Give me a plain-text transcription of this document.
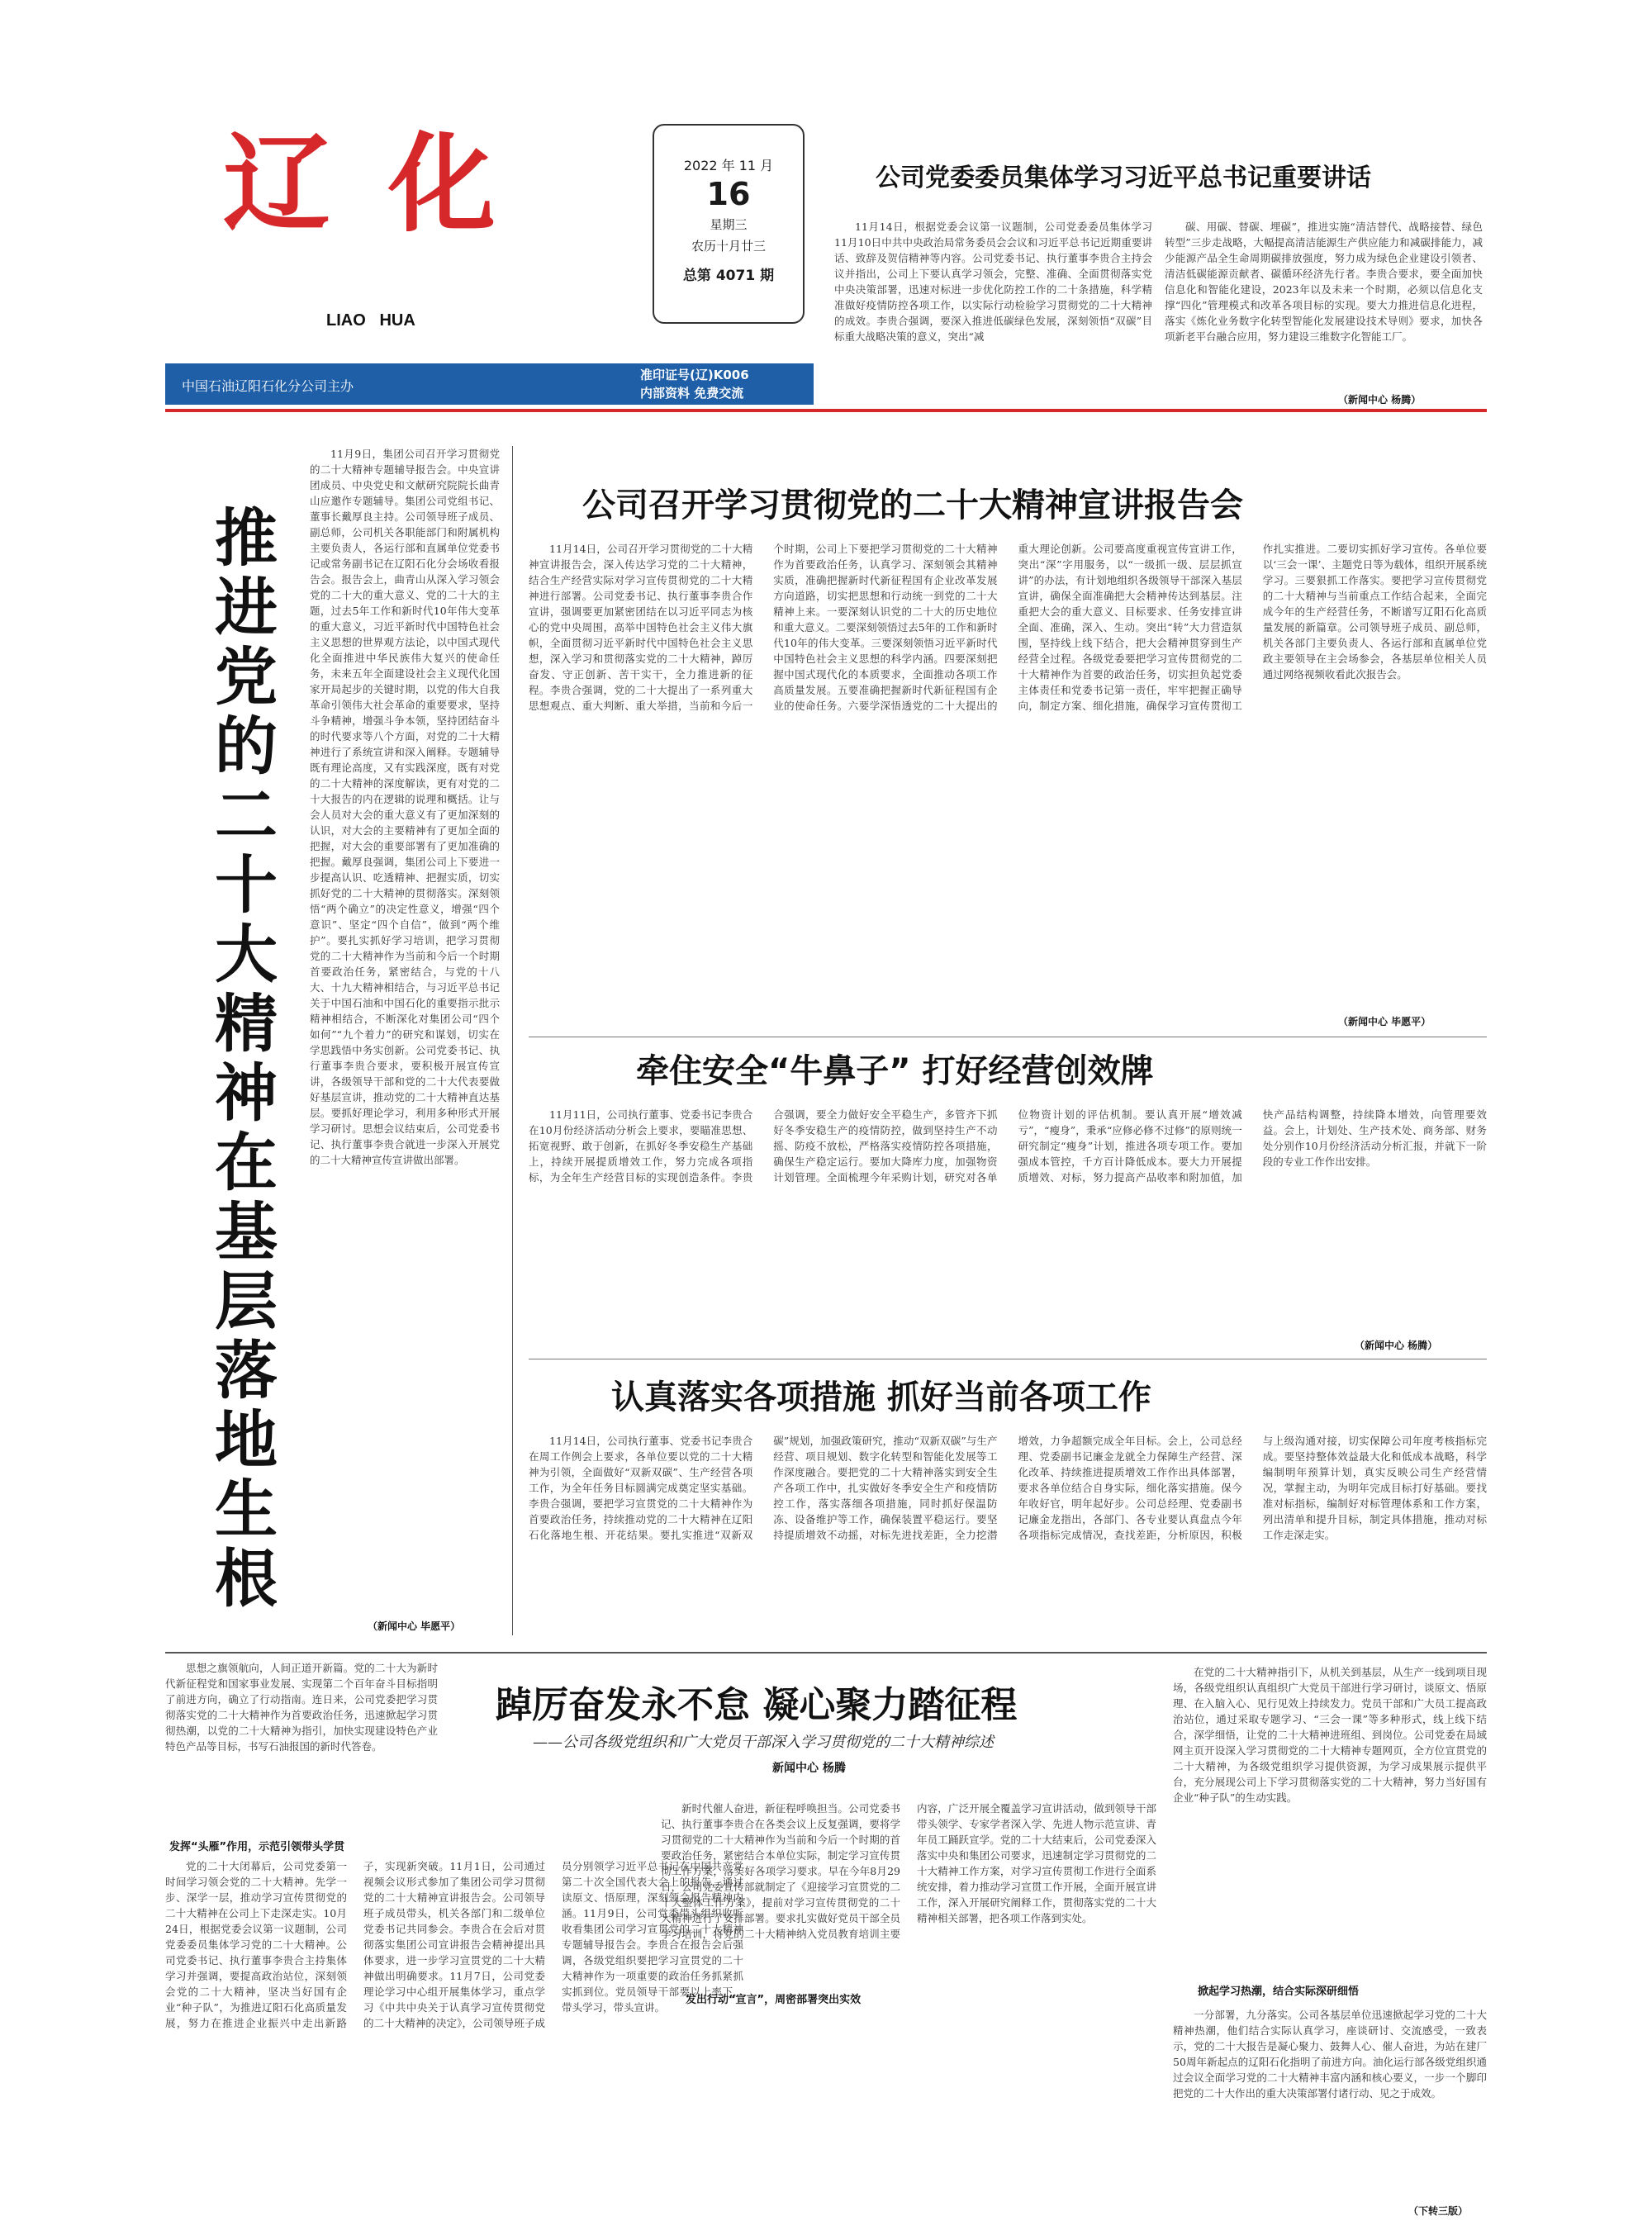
辽 化
LIAO   HUA
2022 年 11 月
16
星期三
农历十月廿三
总第 4071 期
中国石油辽阳石化分公司主办
准印证号(辽)K006
内部资料 免费交流
公司党委委员集体学习习近平总书记重要讲话

11月14日，根据党委会议第一议题制，公司党委委员集体学习11月10日中共中央政治局常务委员会会议和习近平总书记近期重要讲话、致辞及贺信精神等内容。公司党委书记、执行董事李贵合主持会议并指出，公司上下要认真学习领会，完整、准确、全面贯彻落实党中央决策部署，迅速对标进一步优化防控工作的二十条措施，科学精准做好疫情防控各项工作，以实际行动检验学习贯彻党的二十大精神的成效。李贵合强调，要深入推进低碳绿色发展，深刻领悟“双碳”目标重大战略决策的意义，突出“减

碳、用碳、替碳、埋碳”，推进实施“清洁替代、战略接替、绿色转型”三步走战略，大幅提高清洁能源生产供应能力和减碳排能力，减少能源产品全生命周期碳排放强度，努力成为绿色企业建设引领者、清洁低碳能源贡献者、碳循环经济先行者。李贵合要求，要全面加快信息化和智能化建设，2023年以及未来一个时期，必须以信息化支撑“四化”管理模式和改革各项目标的实现。要大力推进信息化进程，落实《炼化业务数字化转型智能化发展建设技术导则》要求，加快各项新老平台融合应用，努力建设三维数字化智能工厂。

（新闻中心 杨腾）
推进党的二十大精神在基层落地生根

11月9日，集团公司召开学习贯彻党的二十大精神专题辅导报告会。中央宣讲团成员、中央党史和文献研究院院长曲青山应邀作专题辅导。集团公司党组书记、董事长戴厚良主持。公司领导班子成员、副总师，公司机关各职能部门和附属机构主要负责人，各运行部和直属单位党委书记或常务副书记在辽阳石化分会场收看报告会。报告会上，曲青山从深入学习领会党的二十大的重大意义、党的二十大的主题，过去5年工作和新时代10年伟大变革的重大意义，习近平新时代中国特色社会主义思想的世界观方法论，以中国式现代化全面推进中华民族伟大复兴的使命任务，未来五年全面建设社会主义现代化国家开局起步的关键时期，以党的伟大自我革命引领伟大社会革命的重要要求，坚持斗争精神，增强斗争本领，坚持团结奋斗的时代要求等八个方面，对党的二十大精神进行了系统宣讲和深入阐释。专题辅导既有理论高度，又有实践深度，既有对党的二十大精神的深度解读，更有对党的二十大报告的内在逻辑的说理和概括。让与会人员对大会的重大意义有了更加深刻的认识，对大会的主要精神有了更加全面的把握，对大会的重要部署有了更加准确的把握。戴厚良强调，集团公司上下要进一步提高认识、吃透精神、把握实质，切实抓好党的二十大精神的贯彻落实。深刻领悟“两个确立”的决定性意义，增强“四个意识”、坚定“四个自信”，做到“两个维护”。要扎实抓好学习培训，把学习贯彻党的二十大精神作为当前和今后一个时期首要政治任务，紧密结合，与党的十八大、十九大精神相结合，与习近平总书记关于中国石油和中国石化的重要指示批示精神相结合，不断深化对集团公司“四个如何”“九个着力”的研究和谋划，切实在学思践悟中务实创新。公司党委书记、执行董事李贵合要求，要积极开展宣传宣讲，各级领导干部和党的二十大代表要做好基层宣讲，推动党的二十大精神直达基层。要抓好理论学习，利用多种形式开展学习研讨。思想会议结束后，公司党委书记、执行董事李贵合就进一步深入开展党的二十大精神宣传宣讲做出部署。

（新闻中心 毕愿平）
公司召开学习贯彻党的二十大精神宣讲报告会

11月14日，公司召开学习贯彻党的二十大精神宣讲报告会，深入传达学习党的二十大精神，结合生产经营实际对学习宣传贯彻党的二十大精神进行部署。公司党委书记、执行董事李贵合作宣讲，强调要更加紧密团结在以习近平同志为核心的党中央周围，高举中国特色社会主义伟大旗帜，全面贯彻习近平新时代中国特色社会主义思想，深入学习和贯彻落实党的二十大精神，踔厉奋发、守正创新、苦干实干，全力推进新的征程。李贵合强调，党的二十大提出了一系列重大思想观点、重大判断、重大举措，当前和今后一个时期，公司上下要把学习贯彻党的二十大精神作为首要政治任务，认真学习、深刻领会其精神实质，准确把握新时代新征程国有企业改革发展方向道路，切实把思想和行动统一到党的二十大精神上来。一要深刻认识党的二十大的历史地位和重大意义。二要深刻领悟过去5年的工作和新时代10年的伟大变革。三要深刻领悟习近平新时代中国特色社会主义思想的科学内涵。四要深刻把握中国式现代化的本质要求，全面推动各项工作高质量发展。五要准确把握新时代新征程国有企业的使命任务。六要学深悟透党的二十大提出的重大理论创新。公司要高度重视宣传宣讲工作，突出“深”字用服务，以“一级抓一级、层层抓宣讲”的办法，有计划地组织各级领导干部深入基层宣讲，确保全面准确把大会精神传达到基层。注重把大会的重大意义、目标要求、任务安排宣讲全面、准确，深入、生动。突出“转”大力营造氛围，坚持线上线下结合，把大会精神贯穿到生产经营全过程。各级党委要把学习宣传贯彻党的二十大精神作为首要的政治任务，切实担负起党委主体责任和党委书记第一责任，牢牢把握正确导向，制定方案、细化措施，确保学习宣传贯彻工作扎实推进。二要切实抓好学习宣传。各单位要以‘三会一课’、主题党日等为载体，组织开展系统学习。三要狠抓工作落实。要把学习宣传贯彻党的二十大精神与当前重点工作结合起来，全面完成今年的生产经营任务，不断谱写辽阳石化高质量发展的新篇章。公司领导班子成员、副总师，机关各部门主要负责人、各运行部和直属单位党政主要领导在主会场参会，各基层单位相关人员通过网络视频收看此次报告会。

（新闻中心 毕愿平）
牵住安全“牛鼻子” 打好经营创效牌

11月11日，公司执行董事、党委书记李贵合在10月份经济活动分析会上要求，要瞄准思想、拓宽视野、敢于创新，在抓好冬季安稳生产基础上，持续开展提质增效工作，努力完成各项指标，为全年生产经营目标的实现创造条件。李贵合强调，要全力做好安全平稳生产，多管齐下抓好冬季安稳生产的疫情防控，做到坚持生产不动摇、防疫不放松，严格落实疫情防控各项措施，确保生产稳定运行。要加大降库力度，加强物资计划管理。全面梳理今年采购计划，研究对各单位物资计划的评估机制。要认真开展“增效减亏”，“瘦身”，秉承“应修必修不过修”的原则统一研究制定“瘦身”计划，推进各项专项工作。要加强成本管控，千方百计降低成本。要大力开展提质增效、对标，努力提高产品收率和附加值，加快产品结构调整，持续降本增效，向管理要效益。会上，计划处、生产技术处、商务部、财务处分别作10月份经济活动分析汇报，并就下一阶段的专业工作作出安排。

（新闻中心 杨腾）
认真落实各项措施 抓好当前各项工作

11月14日，公司执行董事、党委书记李贵合在周工作例会上要求，各单位要以党的二十大精神为引领，全面做好“双新双碳”、生产经营各项工作，为全年任务目标圆满完成奠定坚实基础。李贵合强调，要把学习宣贯党的二十大精神作为首要政治任务，持续推动党的二十大精神在辽阳石化落地生根、开花结果。要扎实推进“双新双碳”规划，加强政策研究，推动“双新双碳”与生产经营、项目规划、数字化转型和智能化发展等工作深度融合。要把党的二十大精神落实到安全生产各项工作中，扎实做好冬季安全生产和疫情防控工作，落实落细各项措施，同时抓好保温防冻、设备维护等工作，确保装置平稳运行。要坚持提质增效不动摇，对标先进找差距，全力挖潜增效，力争超额完成全年目标。会上，公司总经理、党委副书记廉金龙就全力保障生产经营、深化改革、持续推进提质增效工作作出具体部署，要求各单位结合自身实际，细化落实措施。保今年收好官，明年起好步。公司总经理、党委副书记廉金龙指出，各部门、各专业要认真盘点今年各项指标完成情况，查找差距，分析原因，积极与上级沟通对接，切实保障公司年度考核指标完成。要坚持整体效益最大化和低成本战略，科学编制明年预算计划，真实反映公司生产经营情况，掌握主动，为明年完成目标打好基础。要找准对标指标，编制好对标管理体系和工作方案，列出清单和提升目标，制定具体措施，推动对标工作走深走实。

思想之旗领航向，人间正道开新篇。党的二十大为新时代新征程党和国家事业发展、实现第二个百年奋斗目标指明了前进方向，确立了行动指南。连日来，公司党委把学习贯彻落实党的二十大精神作为首要政治任务，迅速掀起学习贯彻热潮，以党的二十大精神为指引，加快实现建设特色产业特色产品等目标，书写石油报国的新时代答卷。

踔厉奋发永不怠 凝心聚力踏征程
——公司各级党组织和广大党员干部深入学习贯彻党的二十大精神综述
新闻中心 杨腾
发挥“头雁”作用，示范引领带头学贯

党的二十大闭幕后，公司党委第一时间学习领会党的二十大精神。先学一步、深学一层，推动学习宣传贯彻党的二十大精神在公司上下走深走实。10月24日，根据党委会议第一议题制，公司党委委员集体学习党的二十大精神。公司党委书记、执行董事李贵合主持集体学习并强调，要提高政治站位，深刻领会党的二十大精神，坚决当好国有企业“种子队”，为推进辽阳石化高质量发展，努力在推进企业振兴中走出新路子，实现新突破。11月1日，公司通过视频会议形式参加了集团公司学习贯彻党的二十大精神宣讲报告会。公司领导班子成员带头，机关各部门和二级单位党委书记共同参会。李贵合在会后对贯彻落实集团公司宣讲报告会精神提出具体要求，进一步学习宣贯党的二十大精神做出明确要求。11月7日，公司党委理论学习中心组开展集体学习，重点学习《中共中央关于认真学习宣传贯彻党的二十大精神的决定》，公司领导班子成员分别领学习近平总书记在中国共产党第二十次全国代表大会上的报告，通过读原文、悟原理，深刻领会报告精神内涵。11月9日，公司党委带头组织收听收看集团公司学习宣贯党的二十大精神专题辅导报告会。李贵合在报告会后强调，各级党组织要把学习宣贯党的二十大精神作为一项重要的政治任务抓紧抓实抓到位。党员领导干部要以上率下，带头学习，带头宣讲。

发出行动“宣言”，周密部署突出实效

新时代催人奋进，新征程呼唤担当。公司党委书记、执行董事李贵合在各类会议上反复强调，要将学习贯彻党的二十大精神作为当前和今后一个时期的首要政治任务，紧密结合本单位实际，制定学习宣传贯彻工作方案，落实好各项学习要求。早在今年8月29日，公司党委宣传部就制定了《迎接学习宣贯党的二十大整体工作方案》，提前对学习宣传贯彻党的二十大精神进行了安排部署。要求扎实做好党员干部全员学习培训，将党的二十大精神纳入党员教育培训主要内容，广泛开展全覆盖学习宣讲活动，做到领导干部带头领学、专家学者深入学、先进人物示范宣讲、青年员工踊跃宣学。党的二十大结束后，公司党委深入落实中央和集团公司要求，迅速制定学习贯彻党的二十大精神工作方案，对学习宣传贯彻工作进行全面系统安排，着力推动学习宣贯工作开展，全面开展宣讲工作，深入开展研究阐释工作，贯彻落实党的二十大精神相关部署，把各项工作落到实处。

在党的二十大精神指引下，从机关到基层，从生产一线到项目现场，各级党组织认真组织广大党员干部进行学习研讨，谈原文、悟原理、在入脑入心、见行见效上持续发力。党员干部和广大员工提高政治站位，通过采取专题学习、“三会一课”等多种形式，线上线下结合，深学细悟，让党的二十大精神进班组、到岗位。公司党委在局域网主页开设深入学习贯彻党的二十大精神专题网页，全方位宣贯党的二十大精神，为各级党组织学习提供资源，为学习成果展示提供平台，充分展现公司上下学习贯彻落实党的二十大精神，努力当好国有企业“种子队”的生动实践。

掀起学习热潮，结合实际深研细悟

一分部署，九分落实。公司各基层单位迅速掀起学习党的二十大精神热潮，他们结合实际认真学习，座谈研讨、交流感受，一致表示，党的二十大报告是凝心聚力、鼓舞人心、催人奋进，为站在建厂50周年新起点的辽阳石化指明了前进方向。油化运行部各级党组织通过会议全面学习党的二十大精神丰富内涵和核心要义，一步一个脚印把党的二十大作出的重大决策部署付诸行动、见之于成效。

（下转三版）
